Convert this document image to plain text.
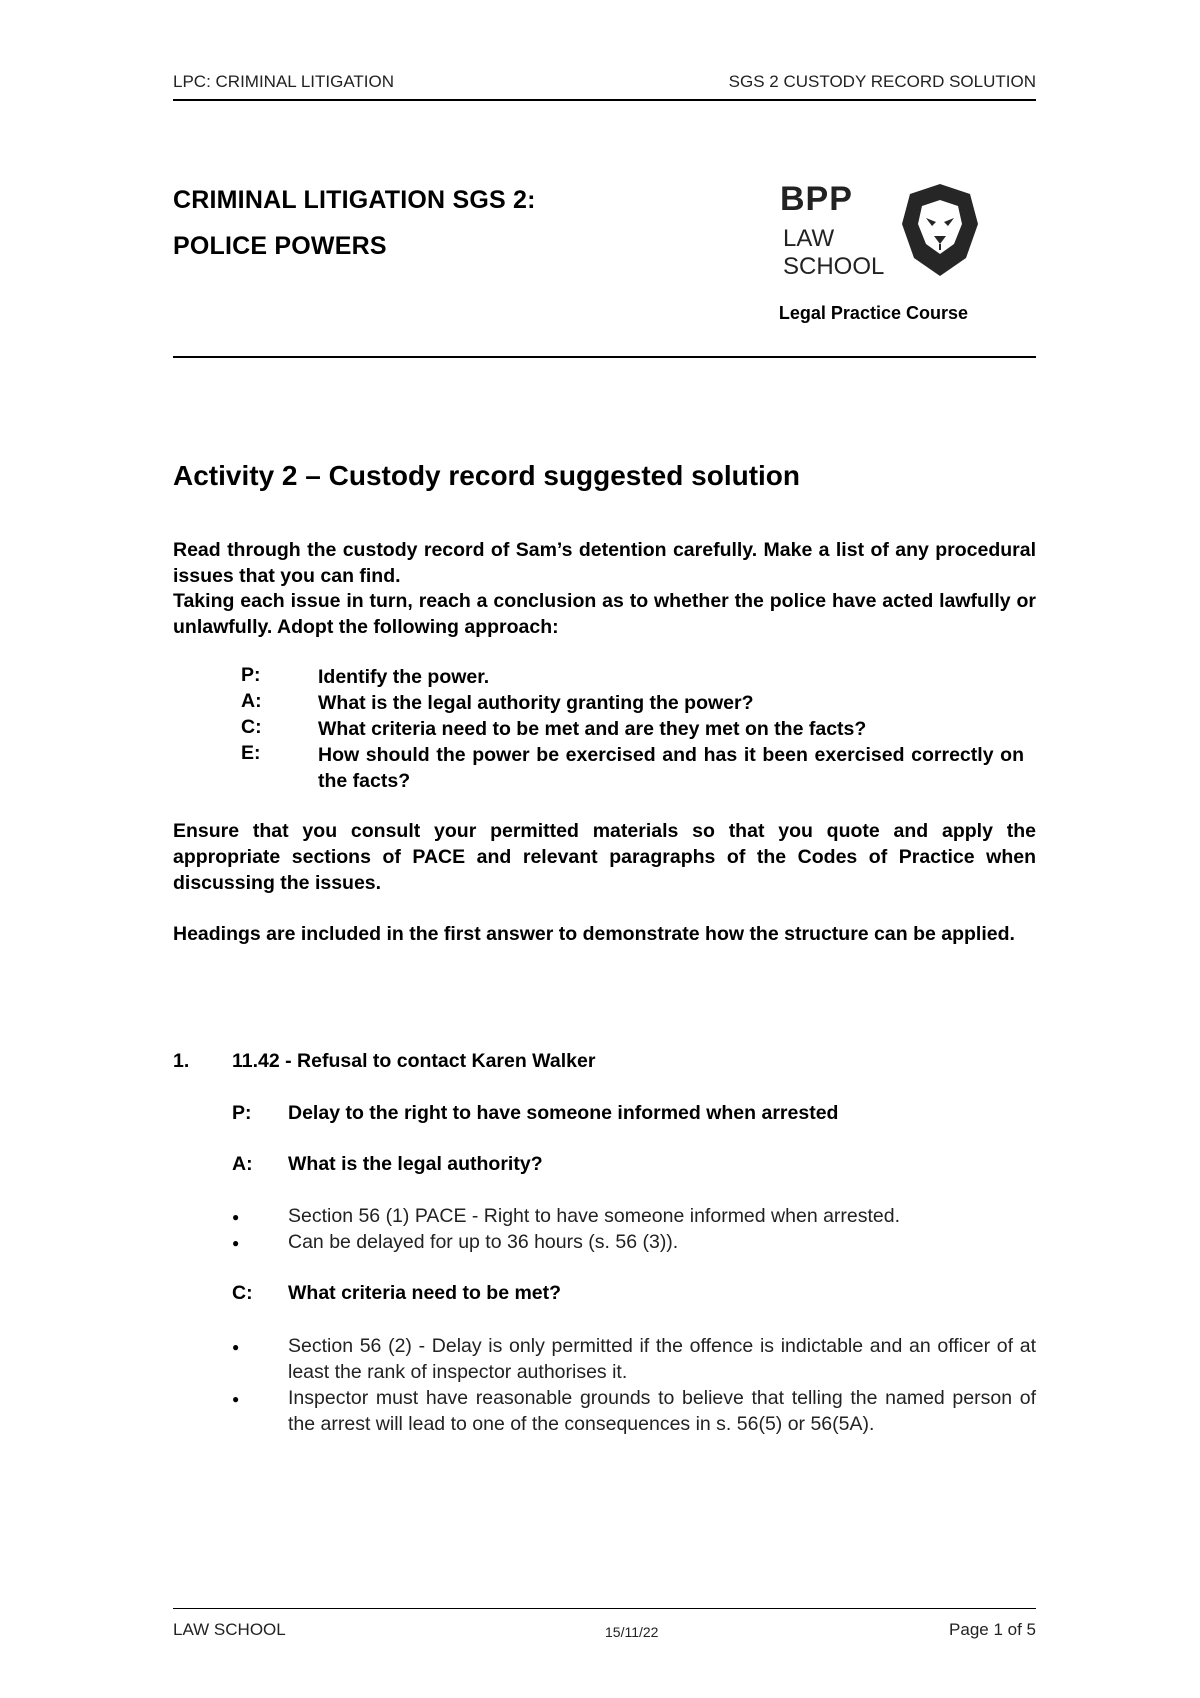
LPC: CRIMINAL LITIGATION	SGS 2 CUSTODY RECORD SOLUTION
CRIMINAL LITIGATION SGS 2:
POLICE POWERS
BPP
LAW
SCHOOL
Legal Practice Course
Activity 2 – Custody record suggested solution
Read through the custody record of Sam’s detention carefully. Make a list of any procedural issues that you can find.
Taking each issue in turn, reach a conclusion as to whether the police have acted lawfully or unlawfully. Adopt the following approach:
P:	Identify the power.
A:	What is the legal authority granting the power?
C:	What criteria need to be met and are they met on the facts?
E:	How should the power be exercised and has it been exercised correctly on the facts?
Ensure that you consult your permitted materials so that you quote and apply the appropriate sections of PACE and relevant paragraphs of the Codes of Practice when discussing the issues.
Headings are included in the first answer to demonstrate how the structure can be applied.
1. 11.42 - Refusal to contact Karen Walker
P: Delay to the right to have someone informed when arrested
A: What is the legal authority?
●	Section 56 (1) PACE - Right to have someone informed when arrested.
●	Can be delayed for up to 36 hours (s. 56 (3)).
C: What criteria need to be met?
●	Section 56 (2) - Delay is only permitted if the offence is indictable and an officer of at least the rank of inspector authorises it.
●	Inspector must have reasonable grounds to believe that telling the named person of the arrest will lead to one of the consequences in s. 56(5) or 56(5A).
LAW SCHOOL	15/11/22	Page 1 of 5
